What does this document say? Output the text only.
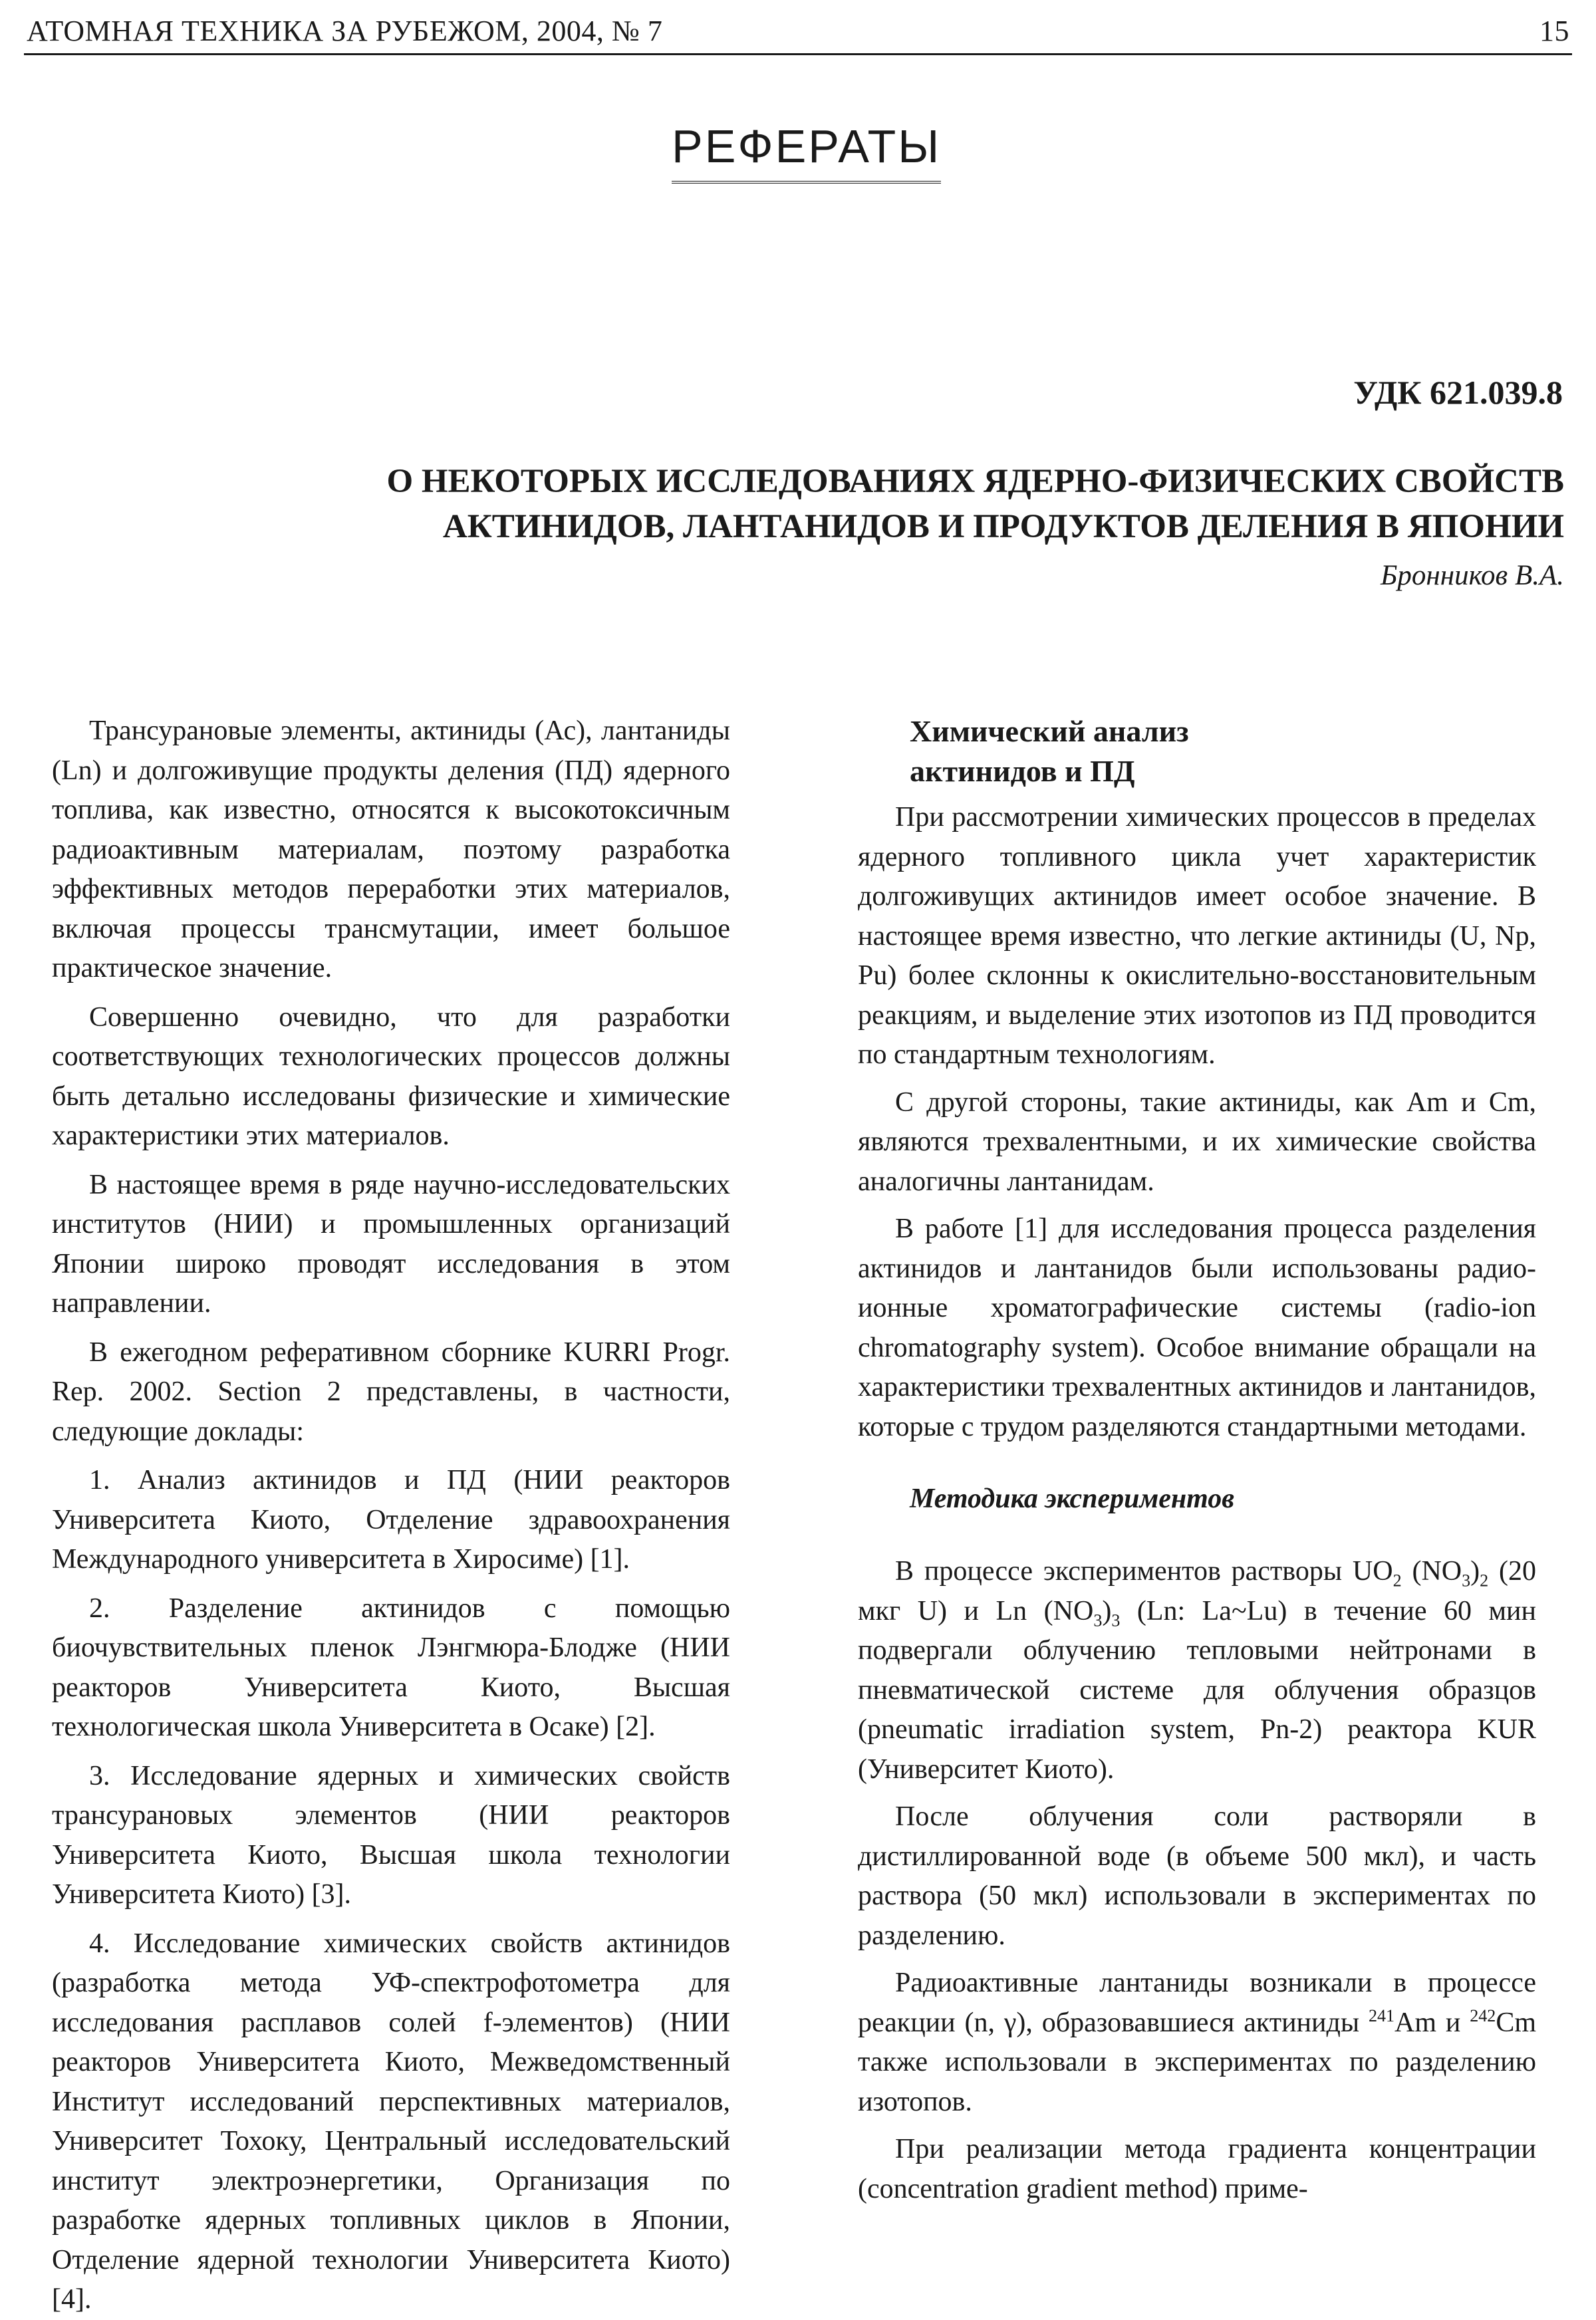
АТОМНАЯ ТЕХНИКА ЗА РУБЕЖОМ, 2004, № 7	15
РЕФЕРАТЫ
УДК 621.039.8
О НЕКОТОРЫХ ИССЛЕДОВАНИЯХ ЯДЕРНО-ФИЗИЧЕСКИХ СВОЙСТВ
АКТИНИДОВ, ЛАНТАНИДОВ И ПРОДУКТОВ ДЕЛЕНИЯ В ЯПОНИИ
Бронников В.А.

Трансурановые элементы, актиниды (Ас), лантаниды (Ln) и долгоживущие продукты деления (ПД) ядерного топлива, как известно, относятся к высокотоксичным радиоактивным материалам, поэтому разработка эффективных методов переработки этих материалов, включая процессы трансмутации, имеет большое практическое значение.

Совершенно очевидно, что для разработки соответствующих технологических процессов должны быть детально исследованы физические и химические характеристики этих материалов.

В настоящее время в ряде научно-исследовательских институтов (НИИ) и промышленных организаций Японии широко проводят исследования в этом направлении.

В ежегодном реферативном сборнике KURRI Progr. Rep. 2002. Section 2 представлены, в частности, следующие доклады:

1. Анализ актинидов и ПД (НИИ реакторов Университета Киото, Отделение здравоохранения Международного университета в Хиросиме) [1].

2. Разделение актинидов с помощью биочувствительных пленок Лэнгмюра-Блодже (НИИ реакторов Университета Киото, Высшая технологическая школа Университета в Осаке) [2].

3. Исследование ядерных и химических свойств трансурановых элементов (НИИ реакторов Университета Киото, Высшая школа технологии Университета Киото) [3].

4. Исследование химических свойств актинидов (разработка метода УФ-спектрофотометра для исследования расплавов солей f-элементов) (НИИ реакторов Университета Киото, Межведомственный Институт исследований перспективных материалов, Университет Тохоку, Центральный исследовательский институт электроэнергетики, Организация по разработке ядерных топливных циклов в Японии, Отделение ядерной технологии Университета Киото) [4].

Химический анализ
актинидов и ПД

При рассмотрении химических процессов в пределах ядерного топливного цикла учет характеристик долгоживущих актинидов имеет особое значение. В настоящее время известно, что легкие актиниды (U, Np, Pu) более склонны к окислительно-восстановительным реакциям, и выделение этих изотопов из ПД проводится по стандартным технологиям.

С другой стороны, такие актиниды, как Am и Cm, являются трехвалентными, и их химические свойства аналогичны лантанидам.

В работе [1] для исследования процесса разделения актинидов и лантанидов были использованы радио-ионные хроматографические системы (radio-ion chromatography system). Особое внимание обращали на характеристики трехвалентных актинидов и лантанидов, которые с трудом разделяются стандартными методами.

Методика экспериментов

В процессе экспериментов растворы $UO_2$ $(NO_3)_2$ (20 мкг U) и Ln $(NO_3)_3$ (Ln: La~Lu) в течение 60 мин подвергали облучению тепловыми нейтронами в пневматической системе для облучения образцов (pneumatic irradiation system, Pn-2) реактора KUR (Университет Киото).

После облучения соли растворяли в дистиллированной воде (в объеме 500 мкл), и часть раствора (50 мкл) использовали в экспериментах по разделению.

Радиоактивные лантаниды возникали в процессе реакции (n, γ), образовавшиеся актиниды $^{241}$Am и $^{242}$Cm также использовали в экспериментах по разделению изотопов.

При реализации метода градиента концентрации (concentration gradient method) приме-
